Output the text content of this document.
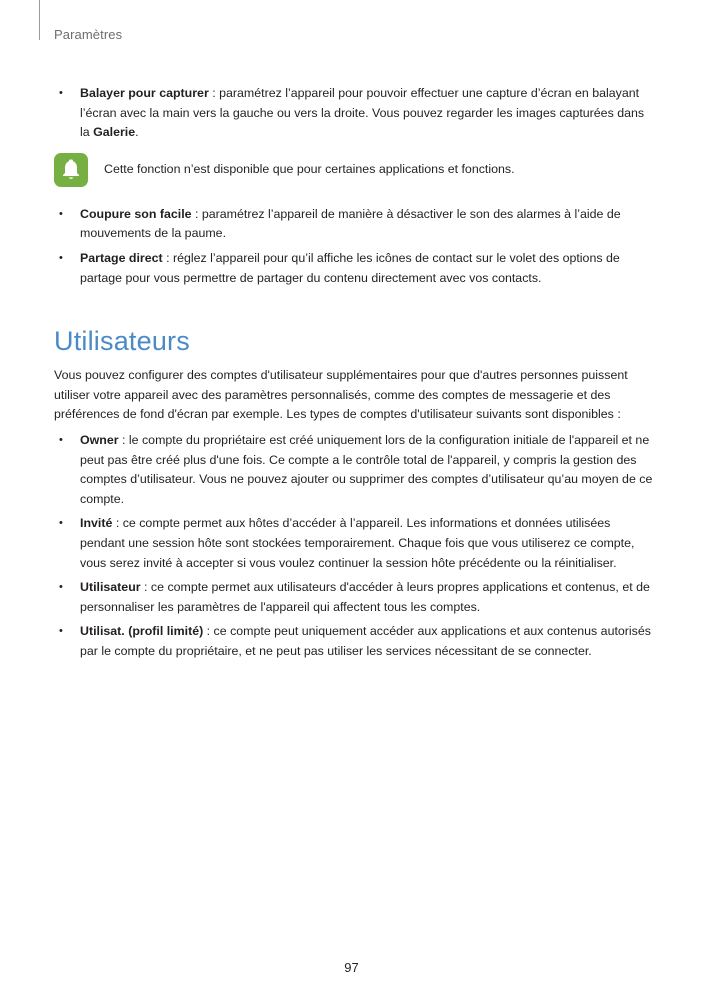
Paramètres
• Balayer pour capturer : paramétrez l’appareil pour pouvoir effectuer une capture d’écran en balayant l’écran avec la main vers la gauche ou vers la droite. Vous pouvez regarder les images capturées dans la Galerie.
Cette fonction n’est disponible que pour certaines applications et fonctions.
• Coupure son facile : paramétrez l’appareil de manière à désactiver le son des alarmes à l’aide de mouvements de la paume.
• Partage direct : réglez l’appareil pour qu’il affiche les icônes de contact sur le volet des options de partage pour vous permettre de partager du contenu directement avec vos contacts.
Utilisateurs
Vous pouvez configurer des comptes d'utilisateur supplémentaires pour que d'autres personnes puissent utiliser votre appareil avec des paramètres personnalisés, comme des comptes de messagerie et des préférences de fond d'écran par exemple. Les types de comptes d'utilisateur suivants sont disponibles :
• Owner : le compte du propriétaire est créé uniquement lors de la configuration initiale de l'appareil et ne peut pas être créé plus d'une fois. Ce compte a le contrôle total de l'appareil, y compris la gestion des comptes d’utilisateur. Vous ne pouvez ajouter ou supprimer des comptes d’utilisateur qu’au moyen de ce compte.
• Invité : ce compte permet aux hôtes d’accéder à l’appareil. Les informations et données utilisées pendant une session hôte sont stockées temporairement. Chaque fois que vous utiliserez ce compte, vous serez invité à accepter si vous voulez continuer la session hôte précédente ou la réinitialiser.
• Utilisateur : ce compte permet aux utilisateurs d'accéder à leurs propres applications et contenus, et de personnaliser les paramètres de l'appareil qui affectent tous les comptes.
• Utilisat. (profil limité) : ce compte peut uniquement accéder aux applications et aux contenus autorisés par le compte du propriétaire, et ne peut pas utiliser les services nécessitant de se connecter.
97
